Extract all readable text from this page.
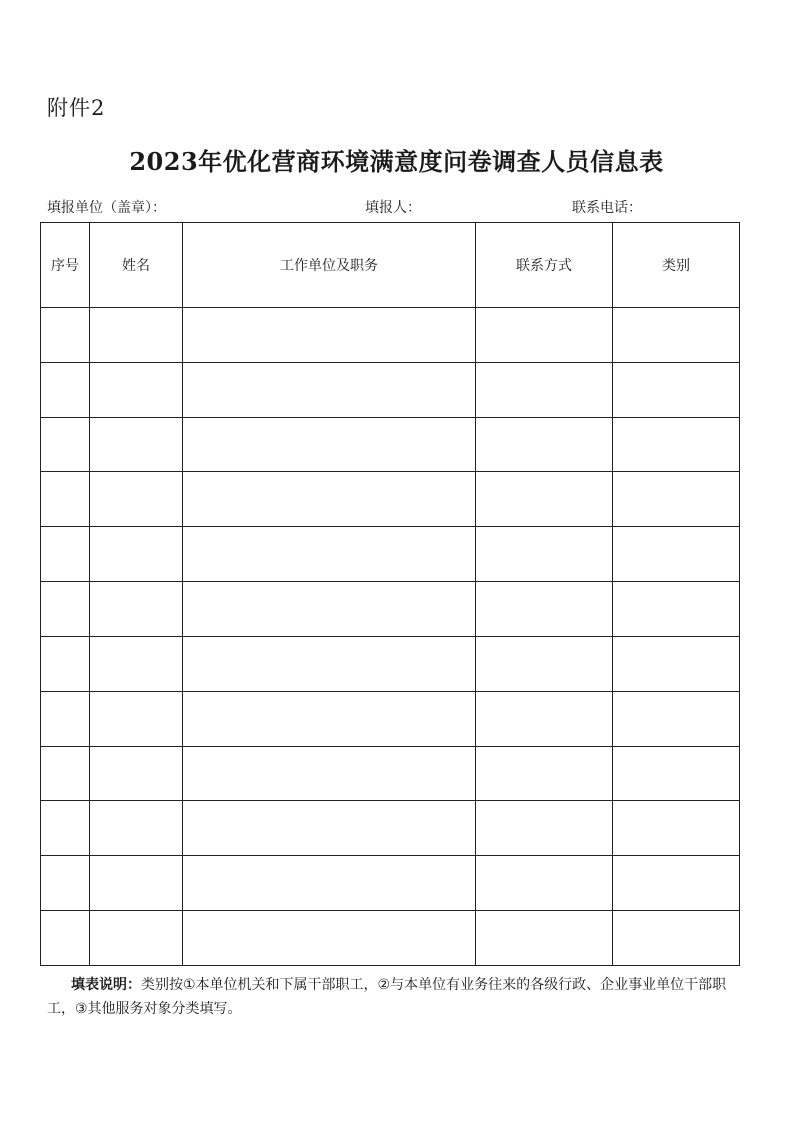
附件2
2023年优化营商环境满意度问卷调查人员信息表
填报单位（盖章）：	填报人：	联系电话：
序号	姓名	工作单位及职务	联系方式	类别

填表说明：类别按①本单位机关和下属干部职工，②与本单位有业务往来的各级行政、企业事业单位干部职工，③其他服务对象分类填写。
